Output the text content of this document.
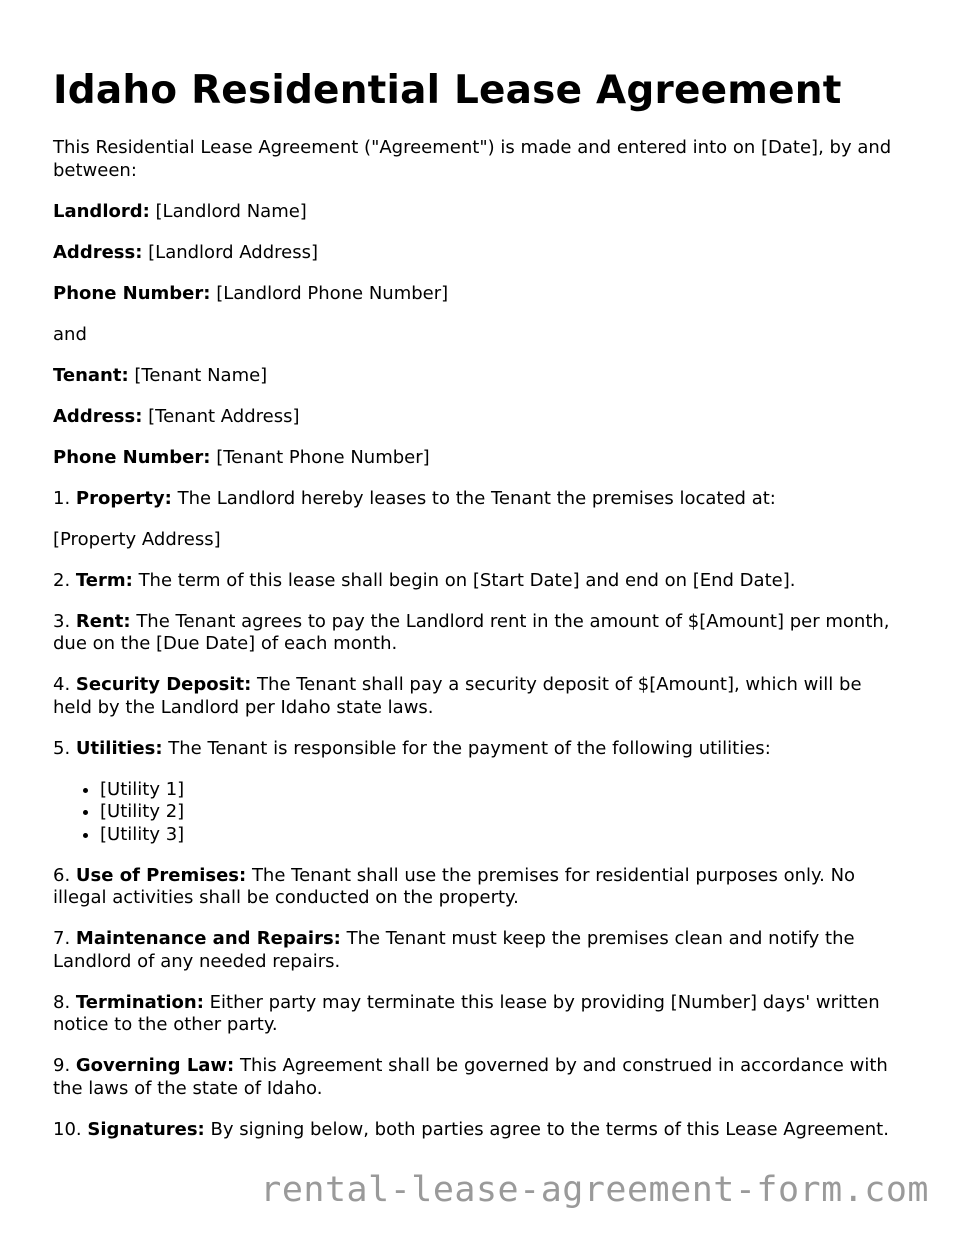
Idaho Residential Lease Agreement

This Residential Lease Agreement ("Agreement") is made and entered into on [Date], by and between:

Landlord: [Landlord Name]

Address: [Landlord Address]

Phone Number: [Landlord Phone Number]

and

Tenant: [Tenant Name]

Address: [Tenant Address]

Phone Number: [Tenant Phone Number]

1. Property: The Landlord hereby leases to the Tenant the premises located at:

[Property Address]

2. Term: The term of this lease shall begin on [Start Date] and end on [End Date].

3. Rent: The Tenant agrees to pay the Landlord rent in the amount of $[Amount] per month, due on the [Due Date] of each month.

4. Security Deposit: The Tenant shall pay a security deposit of $[Amount], which will be held by the Landlord per Idaho state laws.

5. Utilities: The Tenant is responsible for the payment of the following utilities:

• [Utility 1]
• [Utility 2]
• [Utility 3]

6. Use of Premises: The Tenant shall use the premises for residential purposes only. No illegal activities shall be conducted on the property.

7. Maintenance and Repairs: The Tenant must keep the premises clean and notify the Landlord of any needed repairs.

8. Termination: Either party may terminate this lease by providing [Number] days' written notice to the other party.

9. Governing Law: This Agreement shall be governed by and construed in accordance with the laws of the state of Idaho.

10. Signatures: By signing below, both parties agree to the terms of this Lease Agreement.

rental-lease-agreement-form.com
